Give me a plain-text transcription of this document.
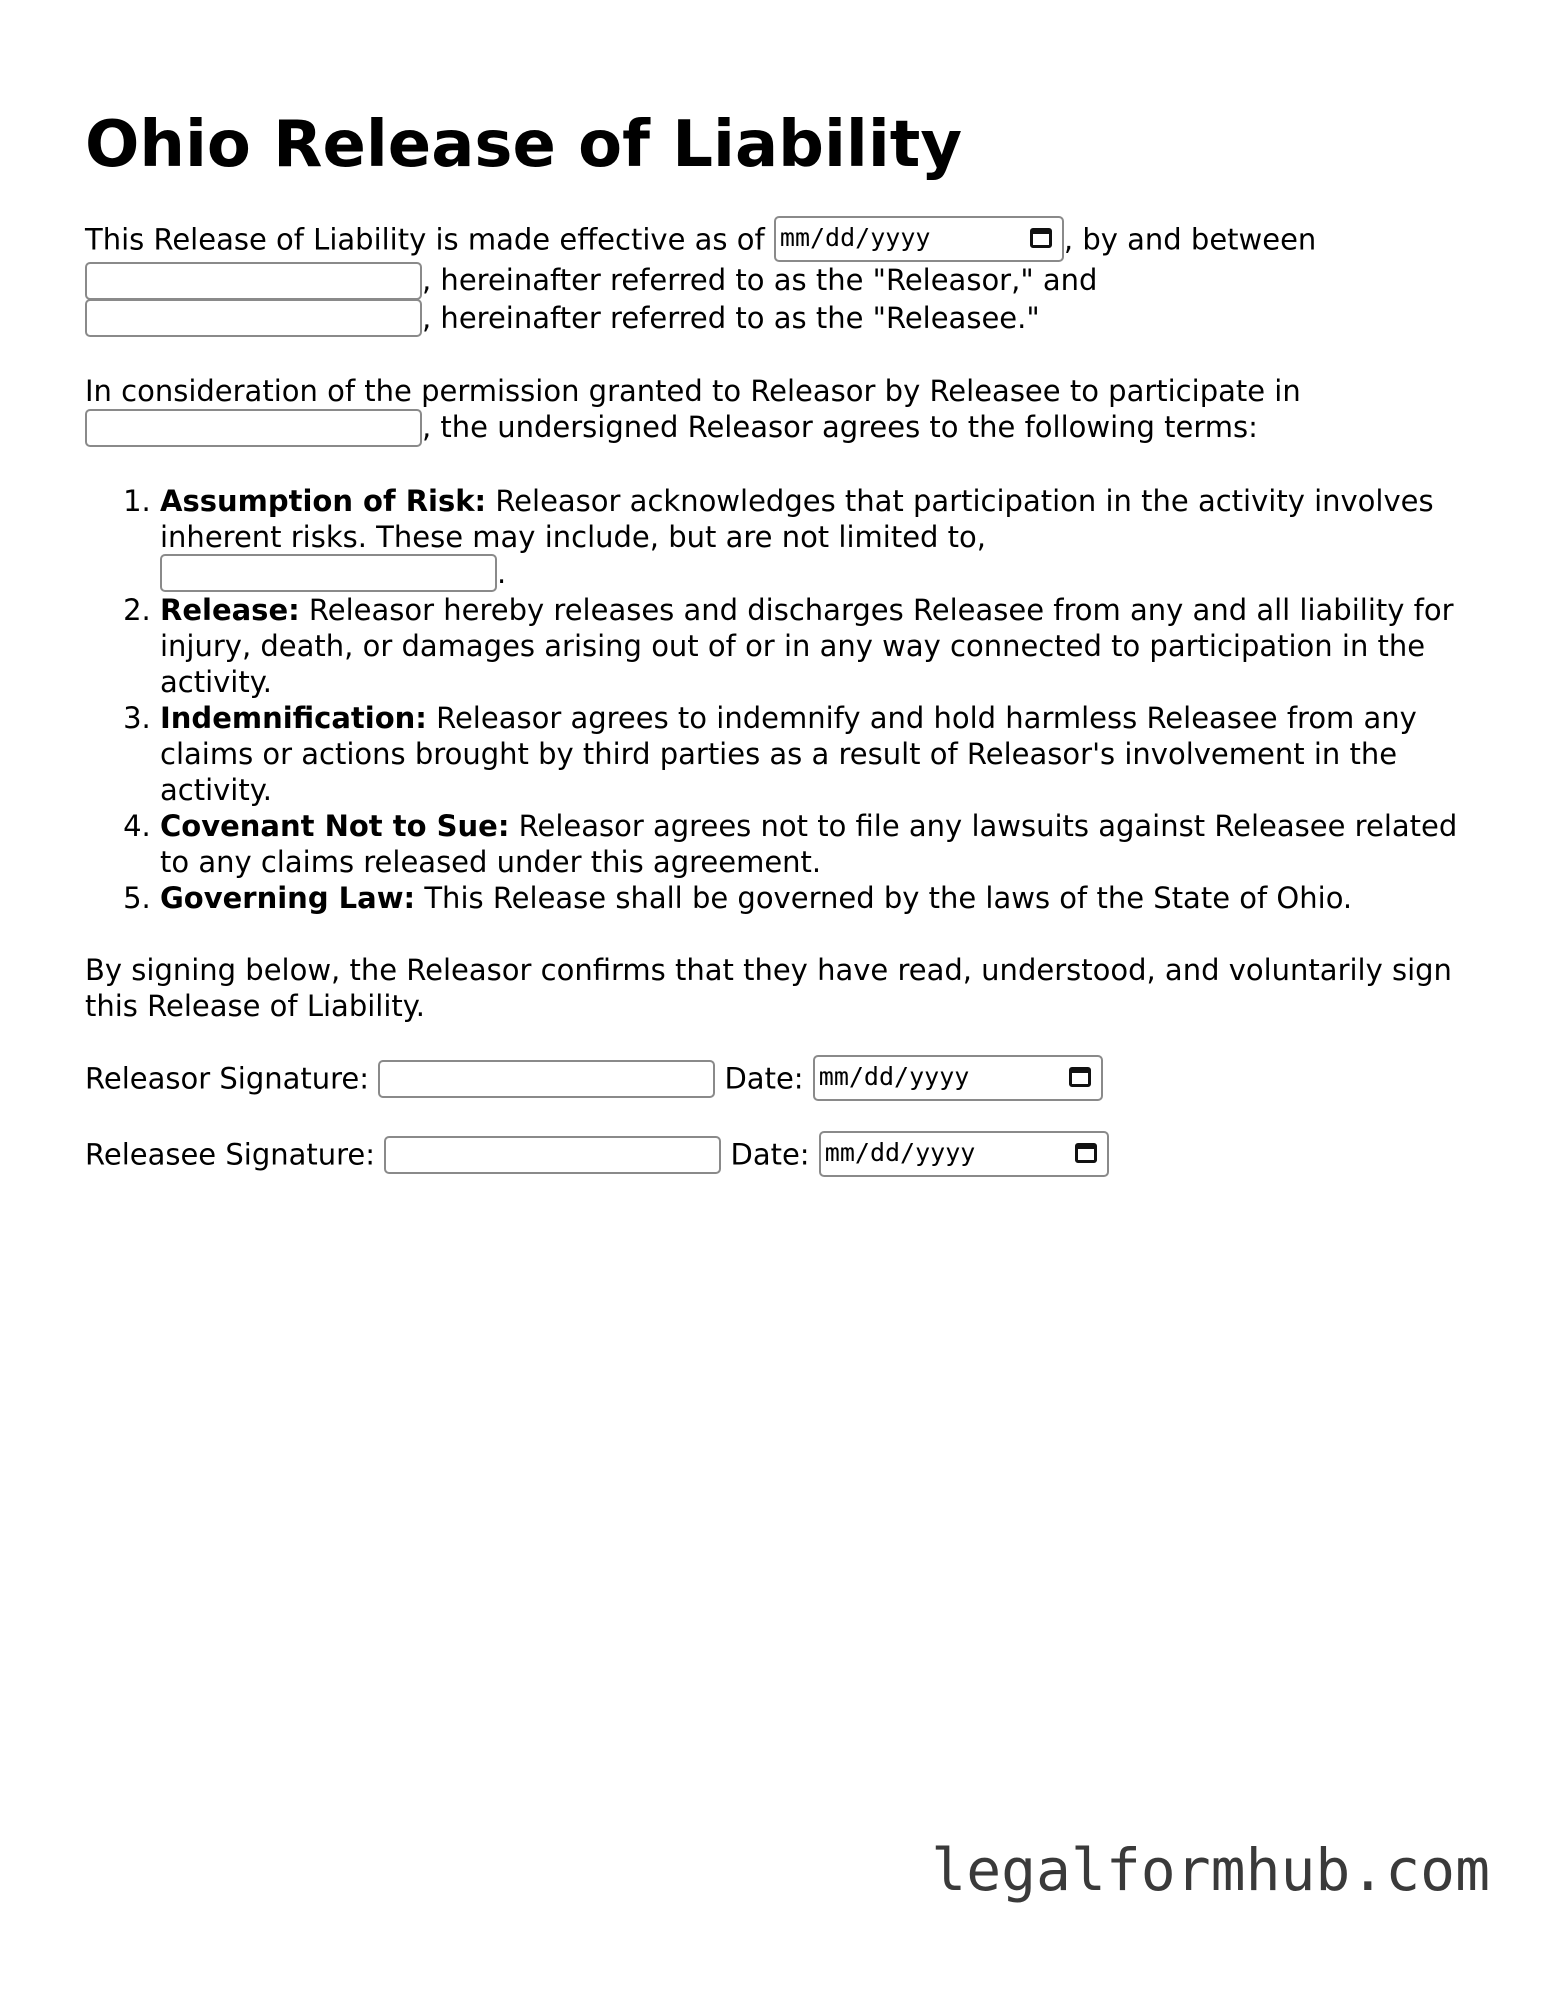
Ohio Release of Liability

This Release of Liability is made effective as of mm/dd/yyyy	, by and between
, hereinafter referred to as the "Releasor," and
, hereinafter referred to as the "Releasee."

In consideration of the permission granted to Releasor by Releasee to participate in
, the undersigned Releasor agrees to the following terms:

1. Assumption of Risk: Releasor acknowledges that participation in the activity involves inherent risks. These may include, but are not limited to,
.
2. Release: Releasor hereby releases and discharges Releasee from any and all liability for injury, death, or damages arising out of or in any way connected to participation in the activity.
3. Indemnification: Releasor agrees to indemnify and hold harmless Releasee from any claims or actions brought by third parties as a result of Releasor's involvement in the activity.
4. Covenant Not to Sue: Releasor agrees not to file any lawsuits against Releasee related to any claims released under this agreement.
5. Governing Law: This Release shall be governed by the laws of the State of Ohio.

By signing below, the Releasor confirms that they have read, understood, and voluntarily sign this Release of Liability.

Releasor Signature:	Date: mm/dd/yyyy
Releasee Signature:	Date: mm/dd/yyyy
legalformhub.com
